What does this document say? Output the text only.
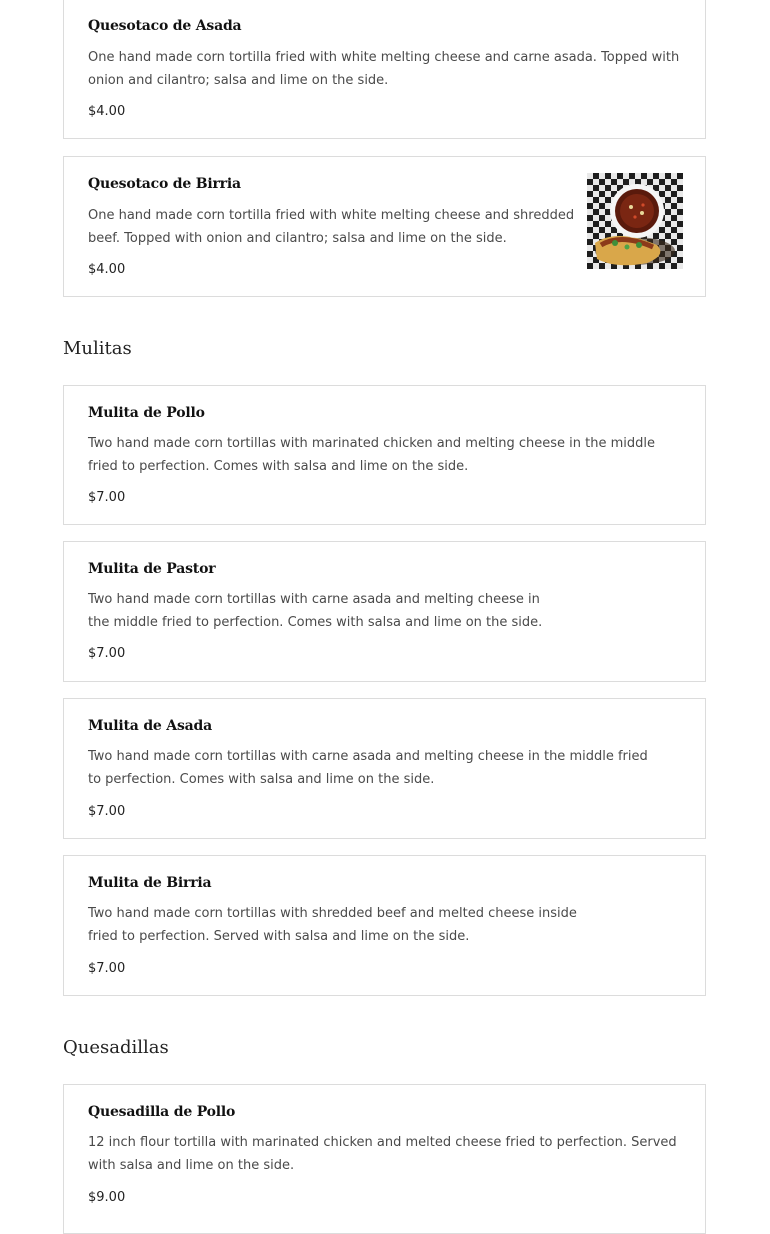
Quesotaco de Asada
One hand made corn tortilla fried with white melting cheese and carne asada. Topped with onion and cilantro; salsa and lime on the side.
$4.00
Quesotaco de Birria
One hand made corn tortilla fried with white melting cheese and shredded beef. Topped with onion and cilantro; salsa and lime on the side.
$4.00
Mulitas
Mulita de Pollo
Two hand made corn tortillas with marinated chicken and melting cheese in the middle fried to perfection. Comes with salsa and lime on the side.
$7.00
Mulita de Pastor
Two hand made corn tortillas with carne asada and melting cheese in the middle fried to perfection. Comes with salsa and lime on the side.
$7.00
Mulita de Asada
Two hand made corn tortillas with carne asada and melting cheese in the middle fried to perfection. Comes with salsa and lime on the side.
$7.00
Mulita de Birria
Two hand made corn tortillas with shredded beef and melted cheese inside fried to perfection. Served with salsa and lime on the side.
$7.00
Quesadillas
Quesadilla de Pollo
12 inch flour tortilla with marinated chicken and melted cheese fried to perfection. Served with salsa and lime on the side.
$9.00
